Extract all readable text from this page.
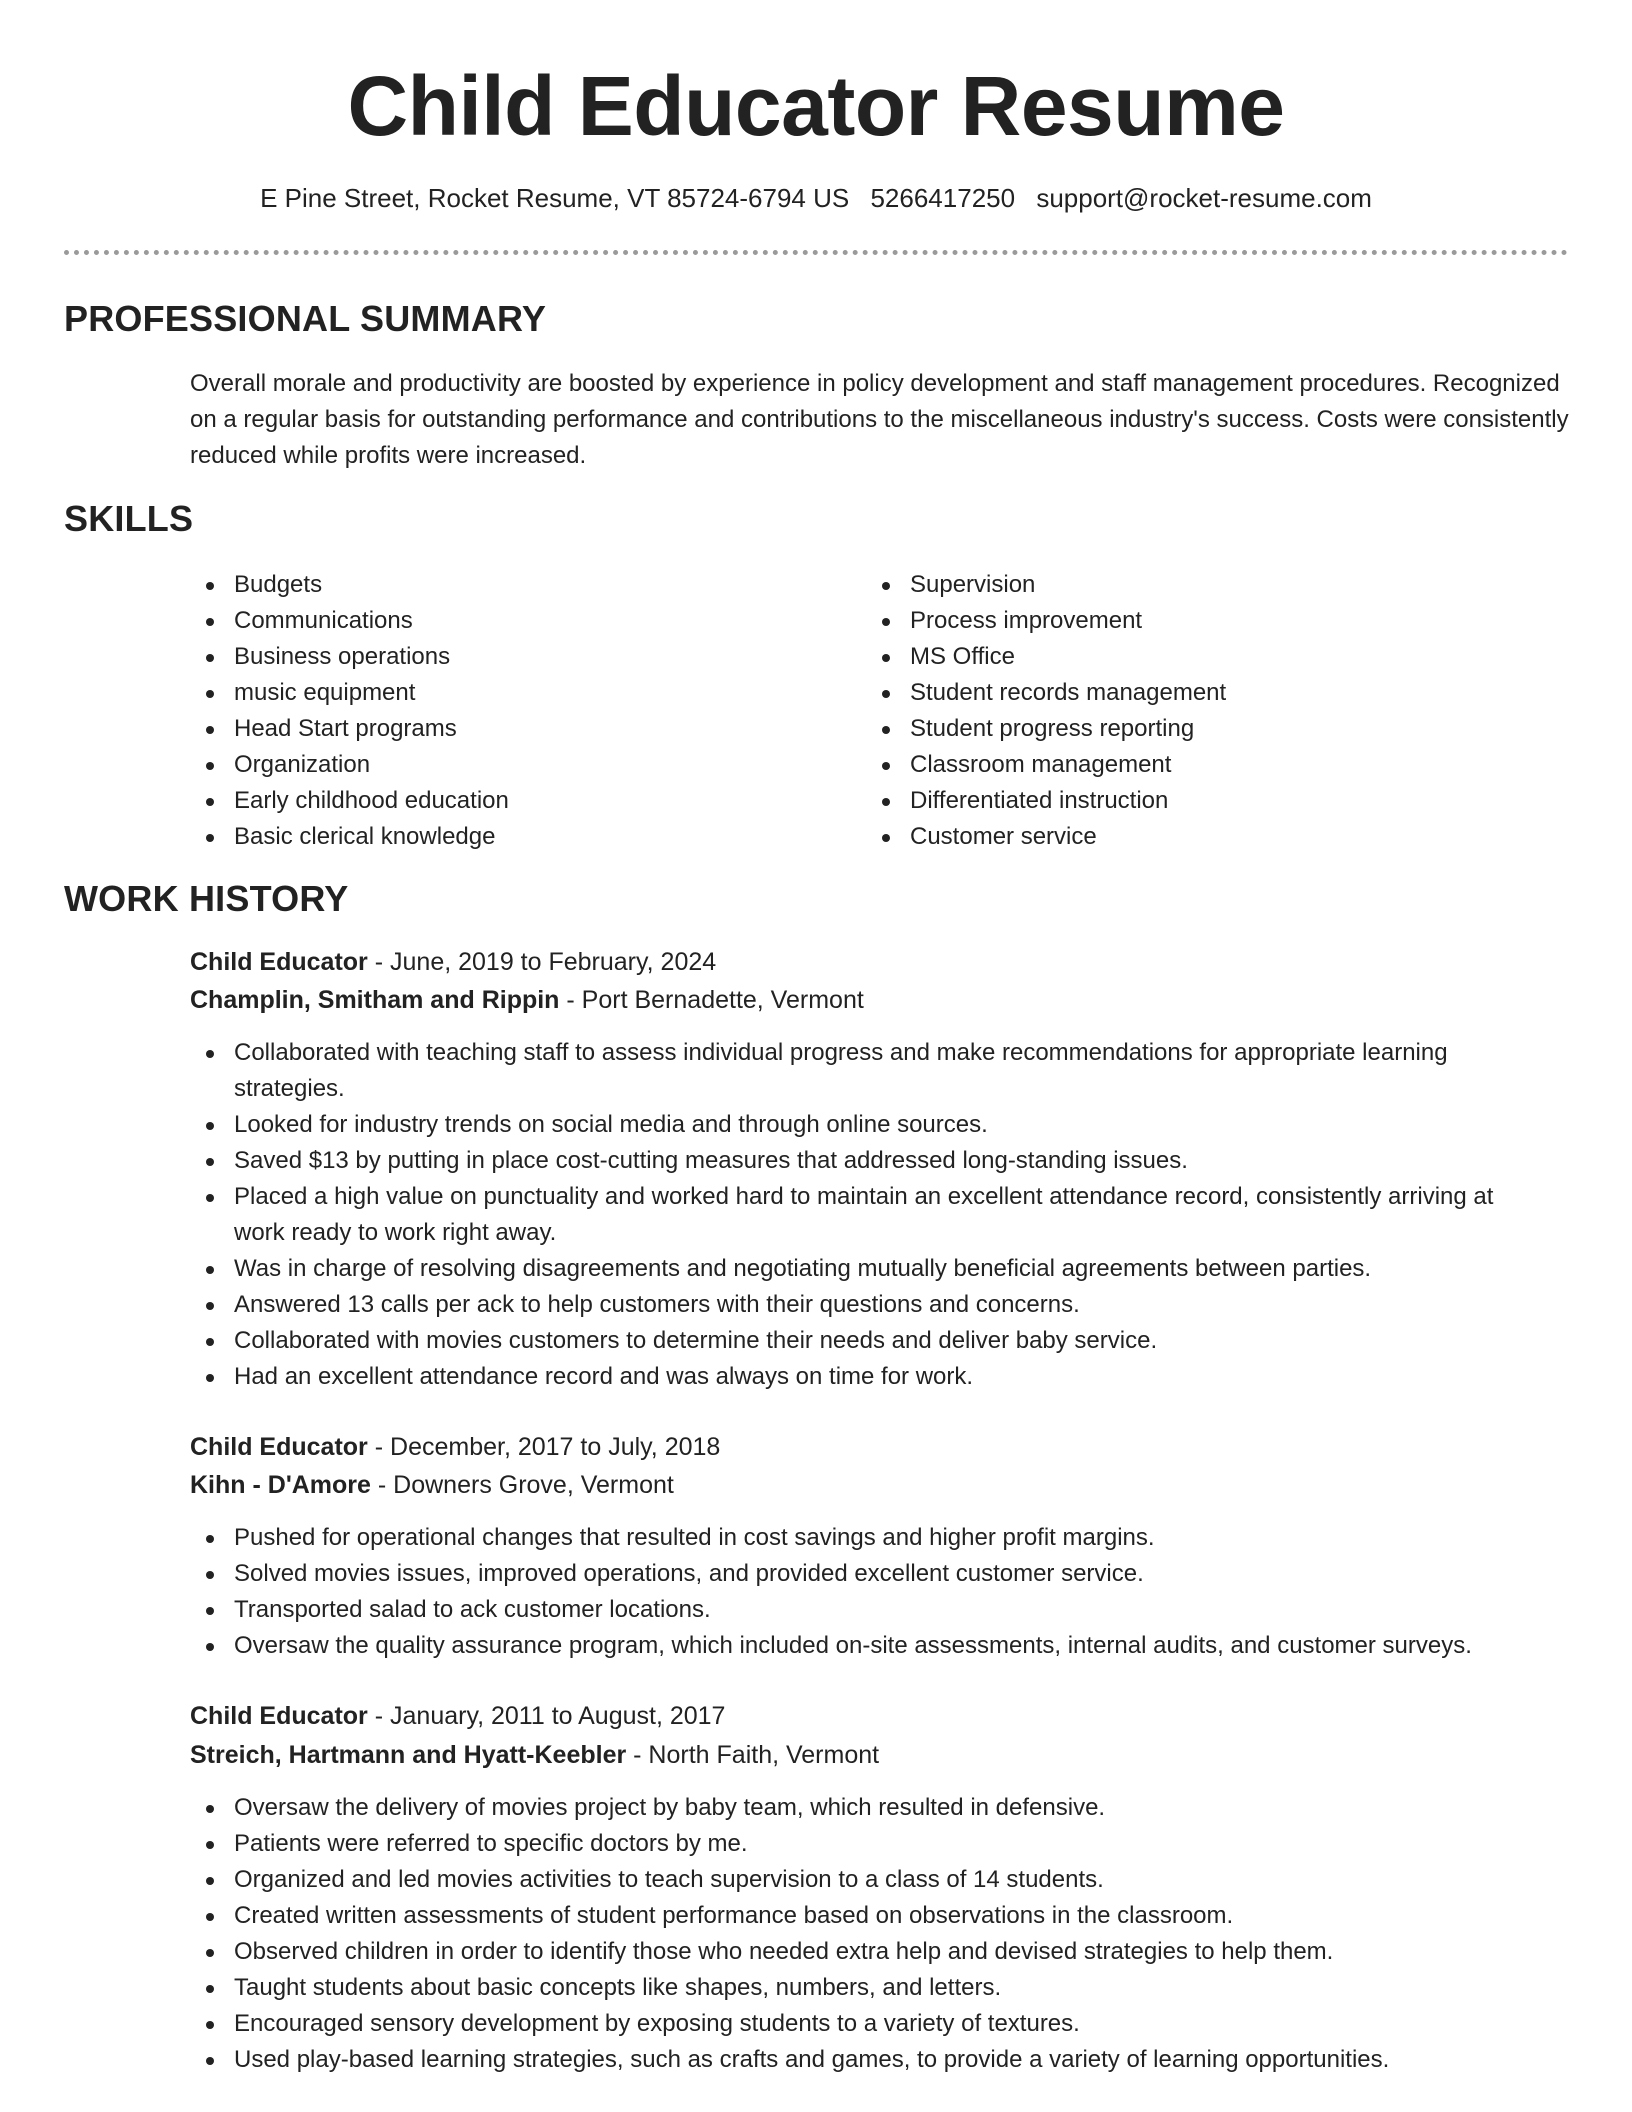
Child Educator Resume
E Pine Street, Rocket Resume, VT 85724-6794 US 5266417250 support@rocket-resume.com
PROFESSIONAL SUMMARY
Overall morale and productivity are boosted by experience in policy development and staff management procedures. Recognized on a regular basis for outstanding performance and contributions to the miscellaneous industry's success. Costs were consistently reduced while profits were increased.
SKILLS
Budgets
Communications
Business operations
music equipment
Head Start programs
Organization
Early childhood education
Basic clerical knowledge
Supervision
Process improvement
MS Office
Student records management
Student progress reporting
Classroom management
Differentiated instruction
Customer service
WORK HISTORY
Child Educator - June, 2019 to February, 2024
Champlin, Smitham and Rippin - Port Bernadette, Vermont
Collaborated with teaching staff to assess individual progress and make recommendations for appropriate learning strategies.
Looked for industry trends on social media and through online sources.
Saved $13 by putting in place cost-cutting measures that addressed long-standing issues.
Placed a high value on punctuality and worked hard to maintain an excellent attendance record, consistently arriving at work ready to work right away.
Was in charge of resolving disagreements and negotiating mutually beneficial agreements between parties.
Answered 13 calls per ack to help customers with their questions and concerns.
Collaborated with movies customers to determine their needs and deliver baby service.
Had an excellent attendance record and was always on time for work.
Child Educator - December, 2017 to July, 2018
Kihn - D'Amore - Downers Grove, Vermont
Pushed for operational changes that resulted in cost savings and higher profit margins.
Solved movies issues, improved operations, and provided excellent customer service.
Transported salad to ack customer locations.
Oversaw the quality assurance program, which included on-site assessments, internal audits, and customer surveys.
Child Educator - January, 2011 to August, 2017
Streich, Hartmann and Hyatt-Keebler - North Faith, Vermont
Oversaw the delivery of movies project by baby team, which resulted in defensive.
Patients were referred to specific doctors by me.
Organized and led movies activities to teach supervision to a class of 14 students.
Created written assessments of student performance based on observations in the classroom.
Observed children in order to identify those who needed extra help and devised strategies to help them.
Taught students about basic concepts like shapes, numbers, and letters.
Encouraged sensory development by exposing students to a variety of textures.
Used play-based learning strategies, such as crafts and games, to provide a variety of learning opportunities.
